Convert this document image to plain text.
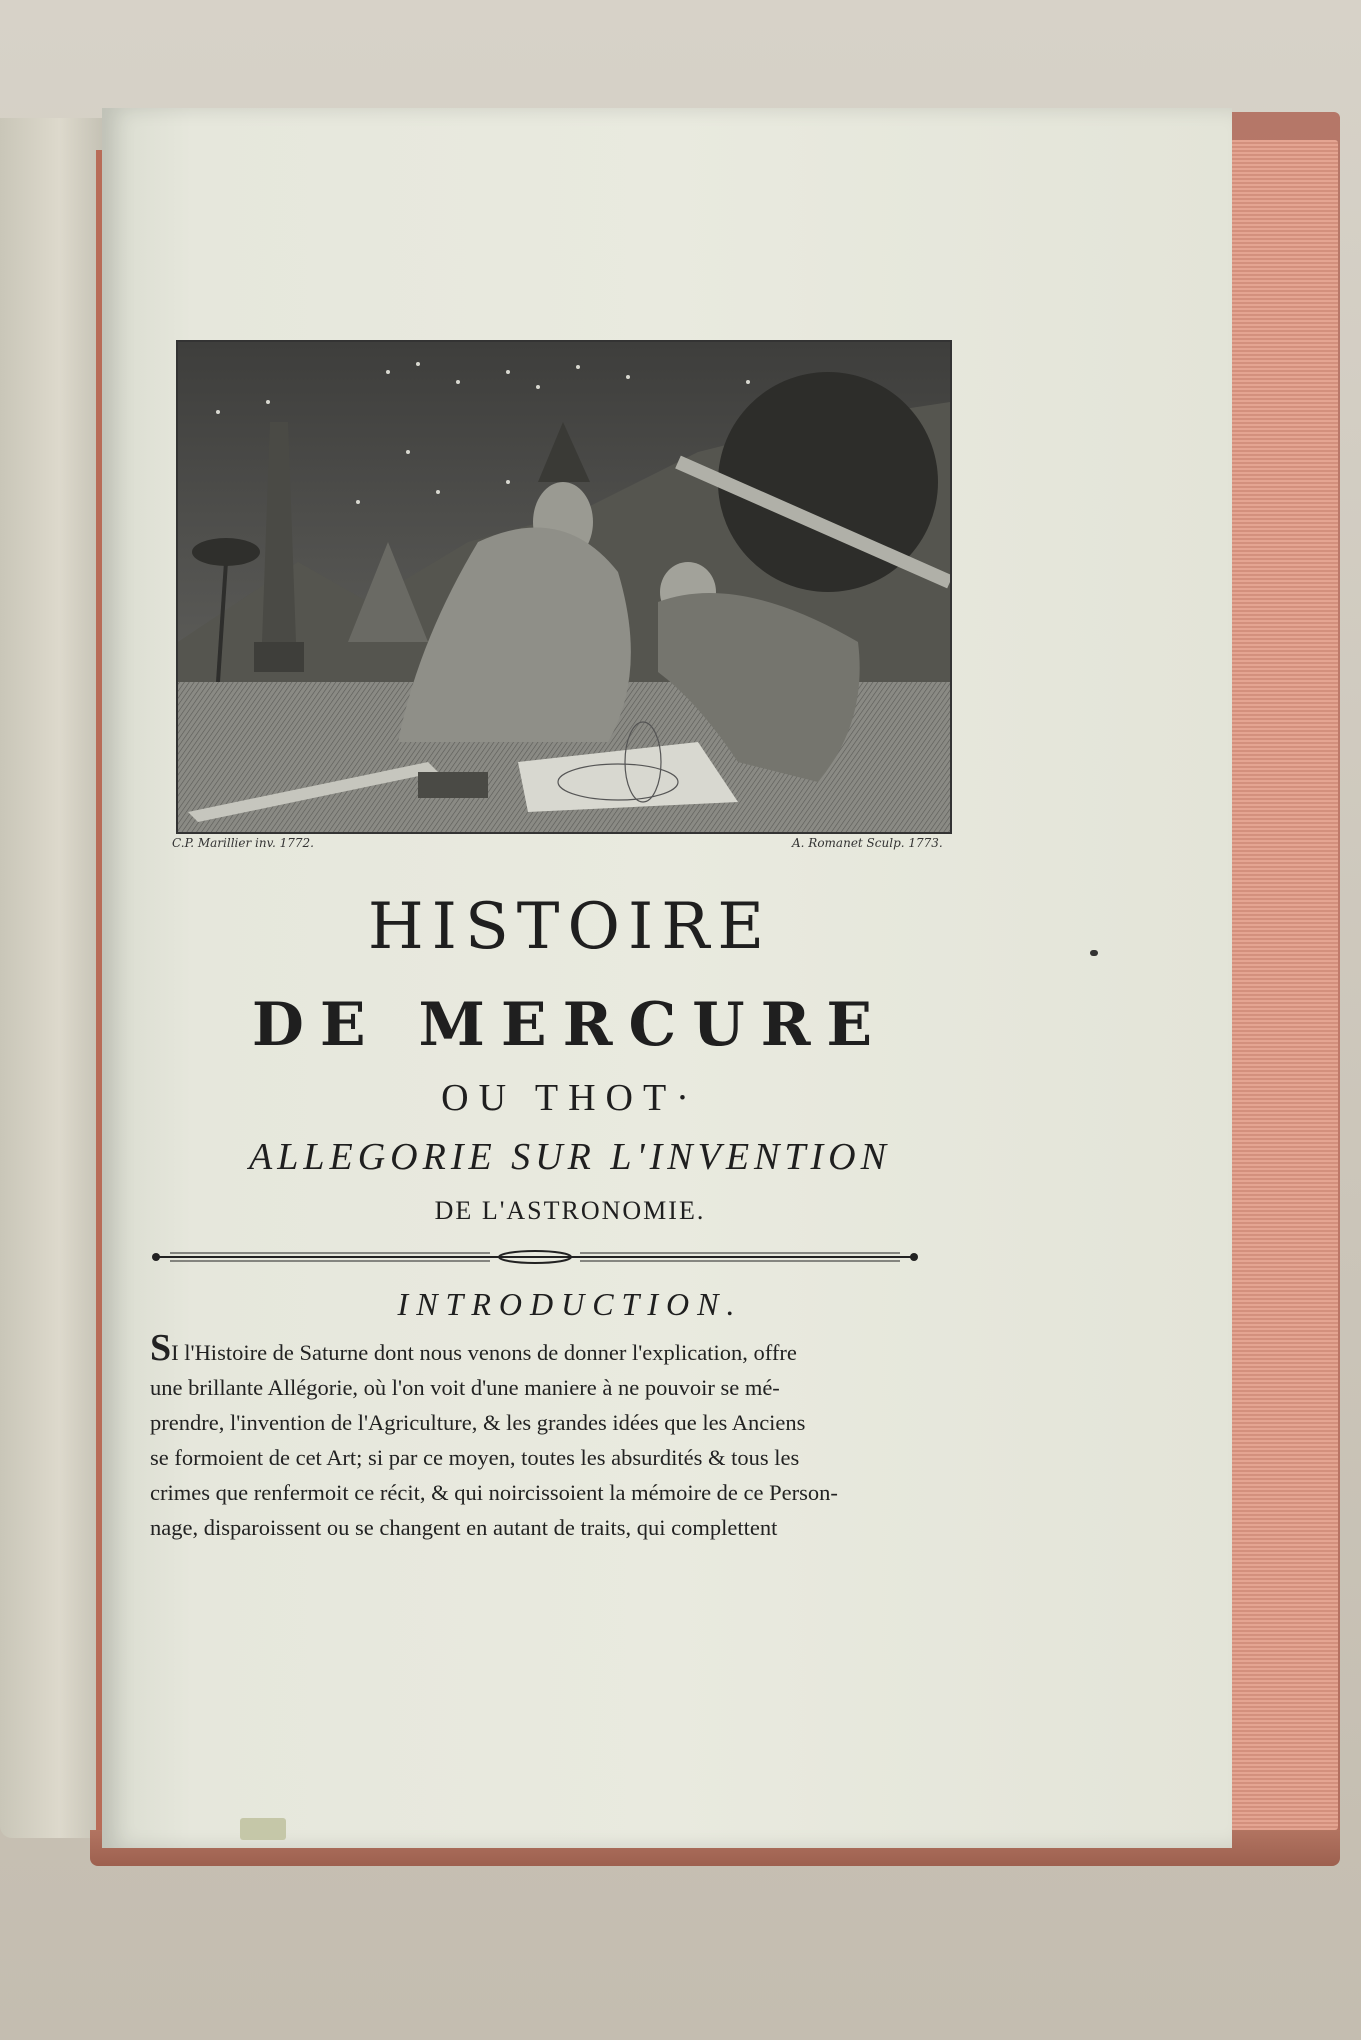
C.P. Marillier inv. 1772.	A. Romanet Sculp. 1773.
HISTOIRE
DE MERCURE
OU THOT·
ALLEGORIE SUR L'INVENTION
DE L'ASTRONOMIE.
INTRODUCTION.

SI l'Histoire de Saturne dont nous venons de donner l'explication, offre

une brillante Allégorie, où l'on voit d'une maniere à ne pouvoir se mé-

prendre, l'invention de l'Agriculture, & les grandes idées que les Anciens

se formoient de cet Art; si par ce moyen, toutes les absurdités & tous les

crimes que renfermoit ce récit, & qui noircissoient la mémoire de ce Person-

nage, disparoissent ou se changent en autant de traits, qui complettent
